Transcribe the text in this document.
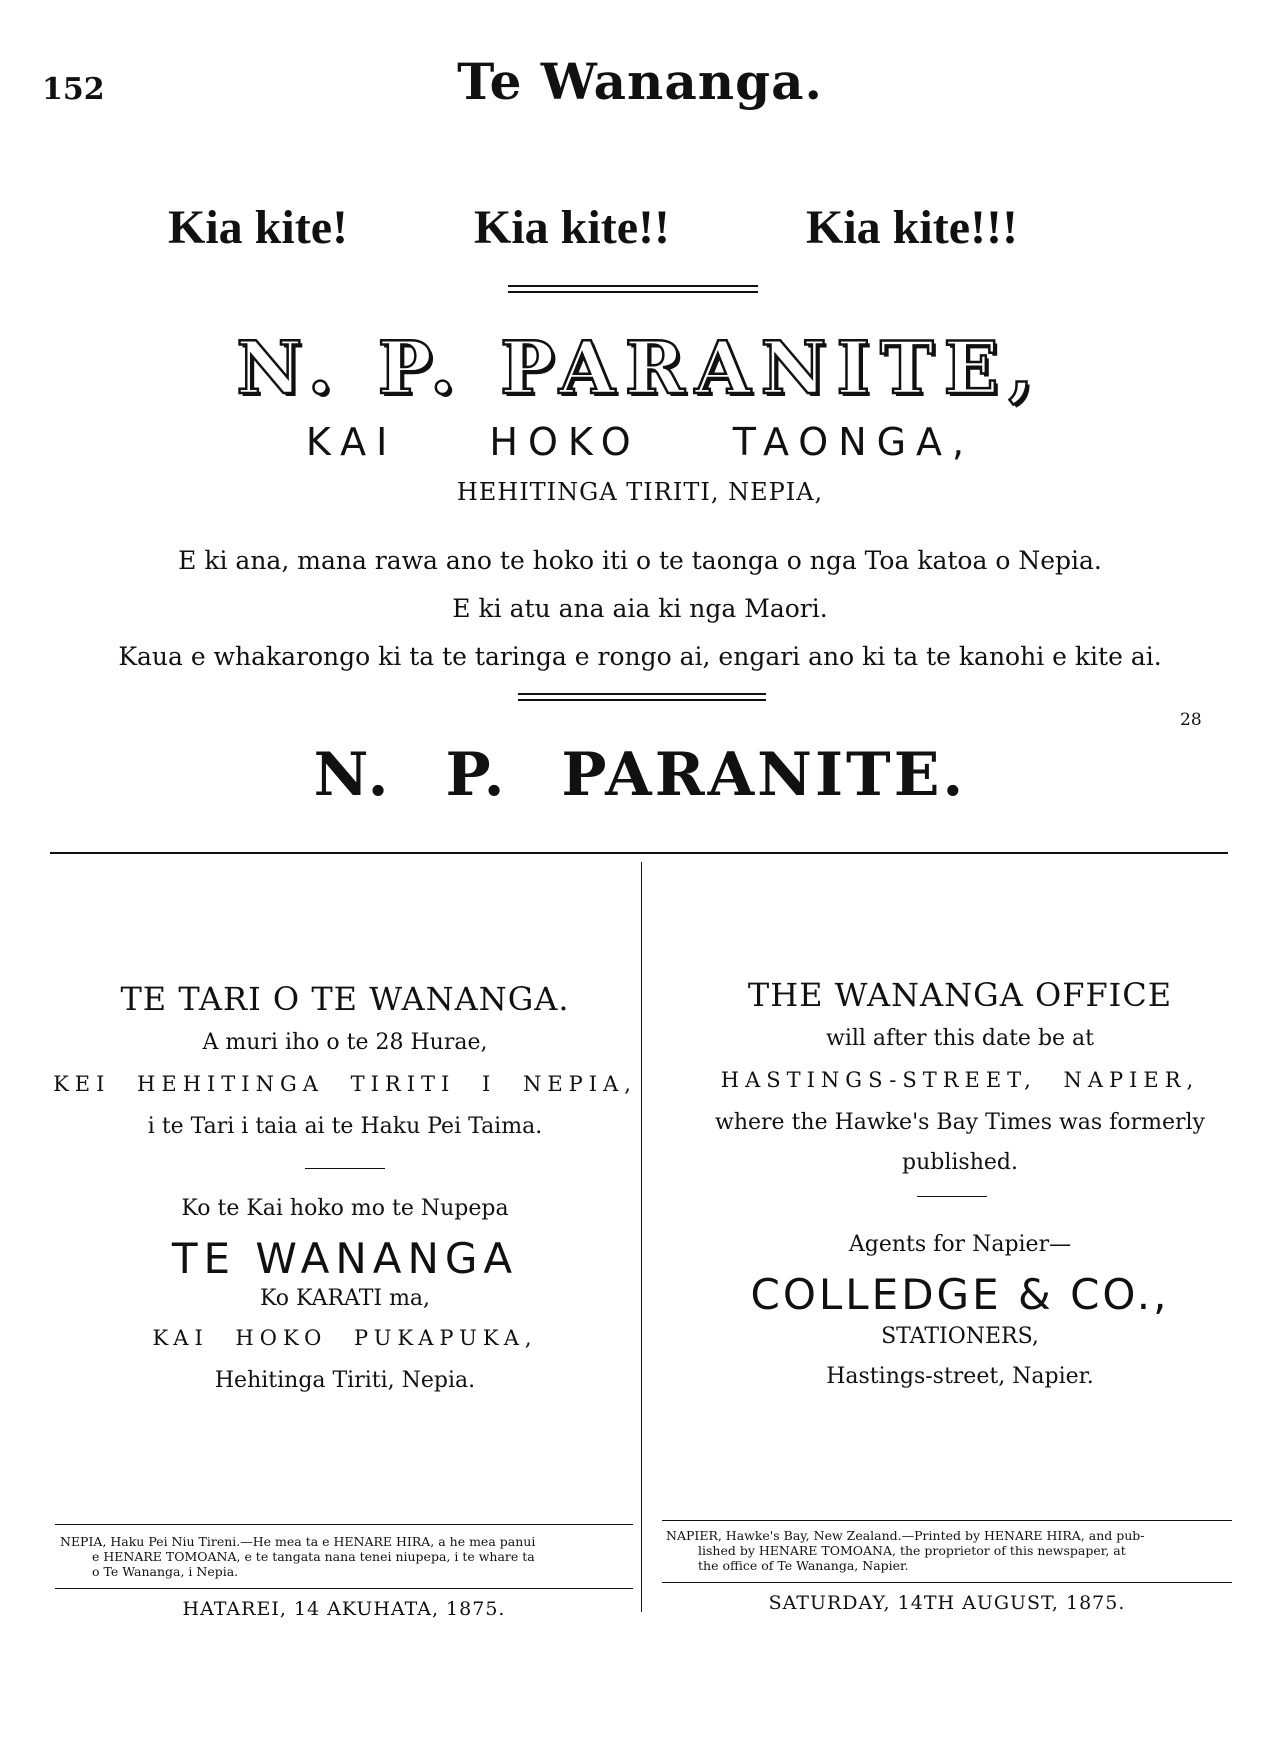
152	Te Wananga.
Kia kite!	Kia kite!!	Kia kite!!!
N. P. PARANITE,
KAI HOKO TAONGA,
HEHITINGA TIRITI, NEPIA,
E ki ana, mana rawa ano te hoko iti o te taonga o nga Toa katoa o Nepia.
E ki atu ana aia ki nga Maori.
Kaua e whakarongo ki ta te taringa e rongo ai, engari ano ki ta te kanohi e kite ai.
28
N. P. PARANITE.
TE TARI O TE WANANGA.
A muri iho o te 28 Hurae,
KEI HEHITINGA TIRITI I NEPIA,
i te Tari i taia ai te Haku Pei Taima.
Ko te Kai hoko mo te Nupepa
TE WANANGA
Ko KARATI ma,
KAI HOKO PUKAPUKA,
Hehitinga Tiriti, Nepia.
THE WANANGA OFFICE
will after this date be at
HASTINGS-STREET, NAPIER,
where the Hawke's Bay Times was formerly
published.
Agents for Napier—
COLLEDGE & CO.,
STATIONERS,
Hastings-street, Napier.
NEPIA, Haku Pei Niu Tireni.—He mea ta e HENARE HIRA, a he mea panui
e HENARE TOMOANA, e te tangata nana tenei niupepa, i te whare ta
o Te Wananga, i Nepia.
HATAREI, 14 AKUHATA, 1875.
NAPIER, Hawke's Bay, New Zealand.—Printed by HENARE HIRA, and pub-
lished by HENARE TOMOANA, the proprietor of this newspaper, at
the office of Te Wananga, Napier.
SATURDAY, 14TH AUGUST, 1875.
